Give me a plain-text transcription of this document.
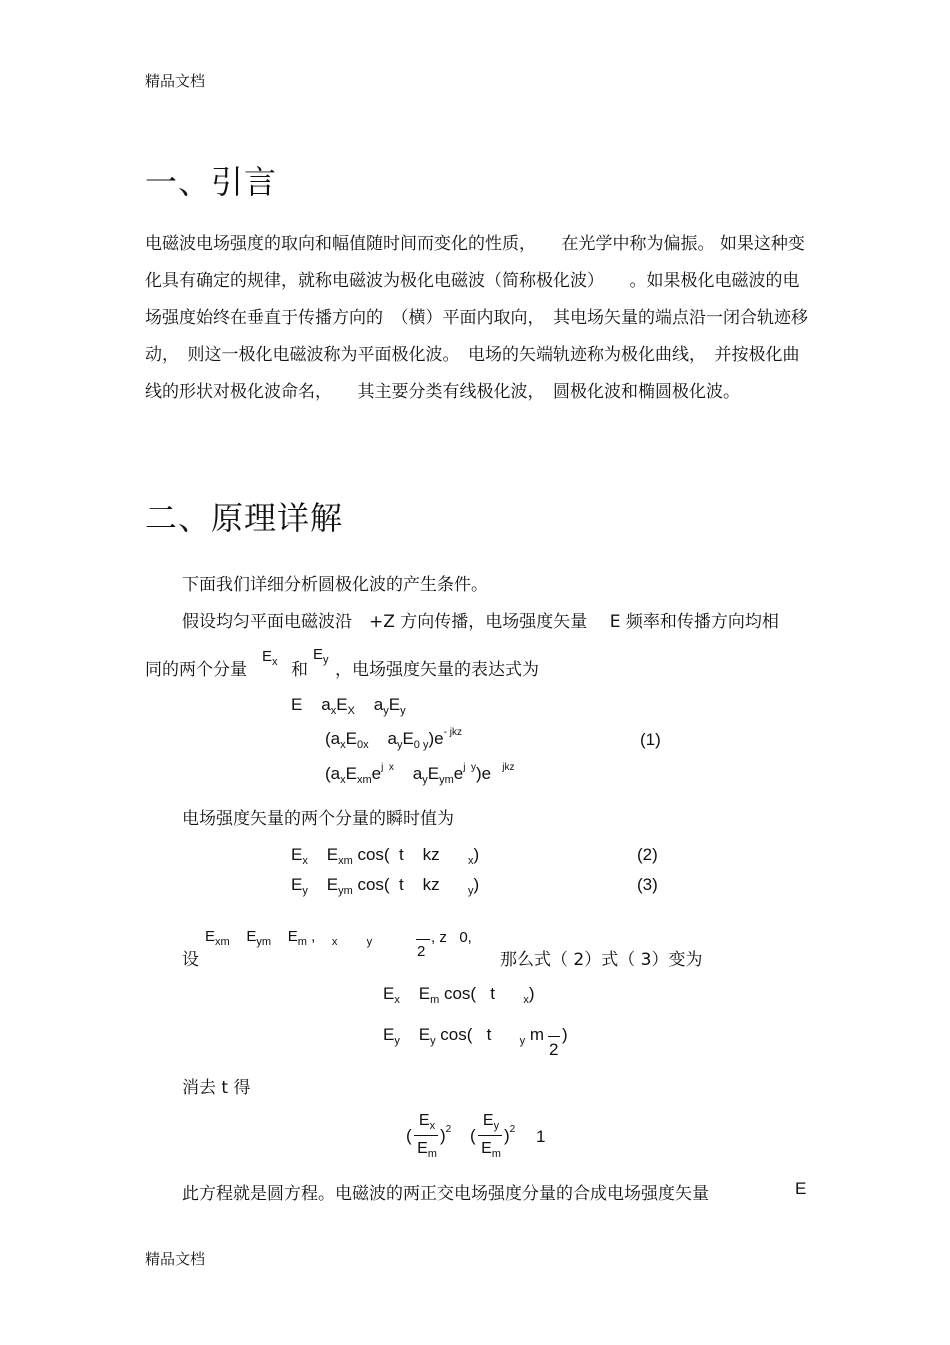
精品文档
一、引言
电磁波电场强度的取向和幅值随时间而变化的性质，　　在光学中称为偏振。 如果这种变化具有确定的规律，就称电磁波为极化电磁波（简称极化波）　　。如果极化电磁波的电场强度始终在垂直于传播方向的　（横）平面内取向，　其电场矢量的端点沿一闭合轨迹移动，　则这一极化电磁波称为平面极化波。　电场的矢端轨迹称为极化曲线，　并按极化曲线的形状对极化波命名，　　其主要分类有线极化波，　圆极化波和椭圆极化波。
二、原理详解
下面我们详细分析圆极化波的产生条件。
假设均匀平面电磁波沿　+Z 方向传播，电场强度矢量　 E 频率和传播方向均相
同的两个分量
$E_x$ 和
$E_y$ ，电场强度矢量的表达式为
E    $a_xE_X$    $a_yE_y$
($a_xE_{0x}$    $a_yE_{0 y})e^{- jkz}$	(1)
($a_xE_{xm}e^{j x}$    $a_yE_{ym}e^{j y})e$    $^{jkz}$
电场强度矢量的两个分量的瞬时值为
$E_x$    $E_{xm}$ cos(  t    kz      $_x$)	(2)
$E_y$    $E_{ym}$ cos(  t    kz      $_y$)	(3)
设
$E_{xm}$    $E_{ym}$    $E_m$ ,    $_x$	$_y$
2
, z   0,
那么式（ 2）式（ 3）变为
$E_x$    $E_m$ cos(   t      $_x$)
$E_y$    $E_y$ cos(   t      $_y$ m
2
)
消去 t 得
(
$E_x$
$E_m$
)$^2$ (
$E_y$
$E_m$
)$^2$ 1
此方程就是圆方程。电磁波的两正交电场强度分量的合成电场强度矢量	E
精品文档
